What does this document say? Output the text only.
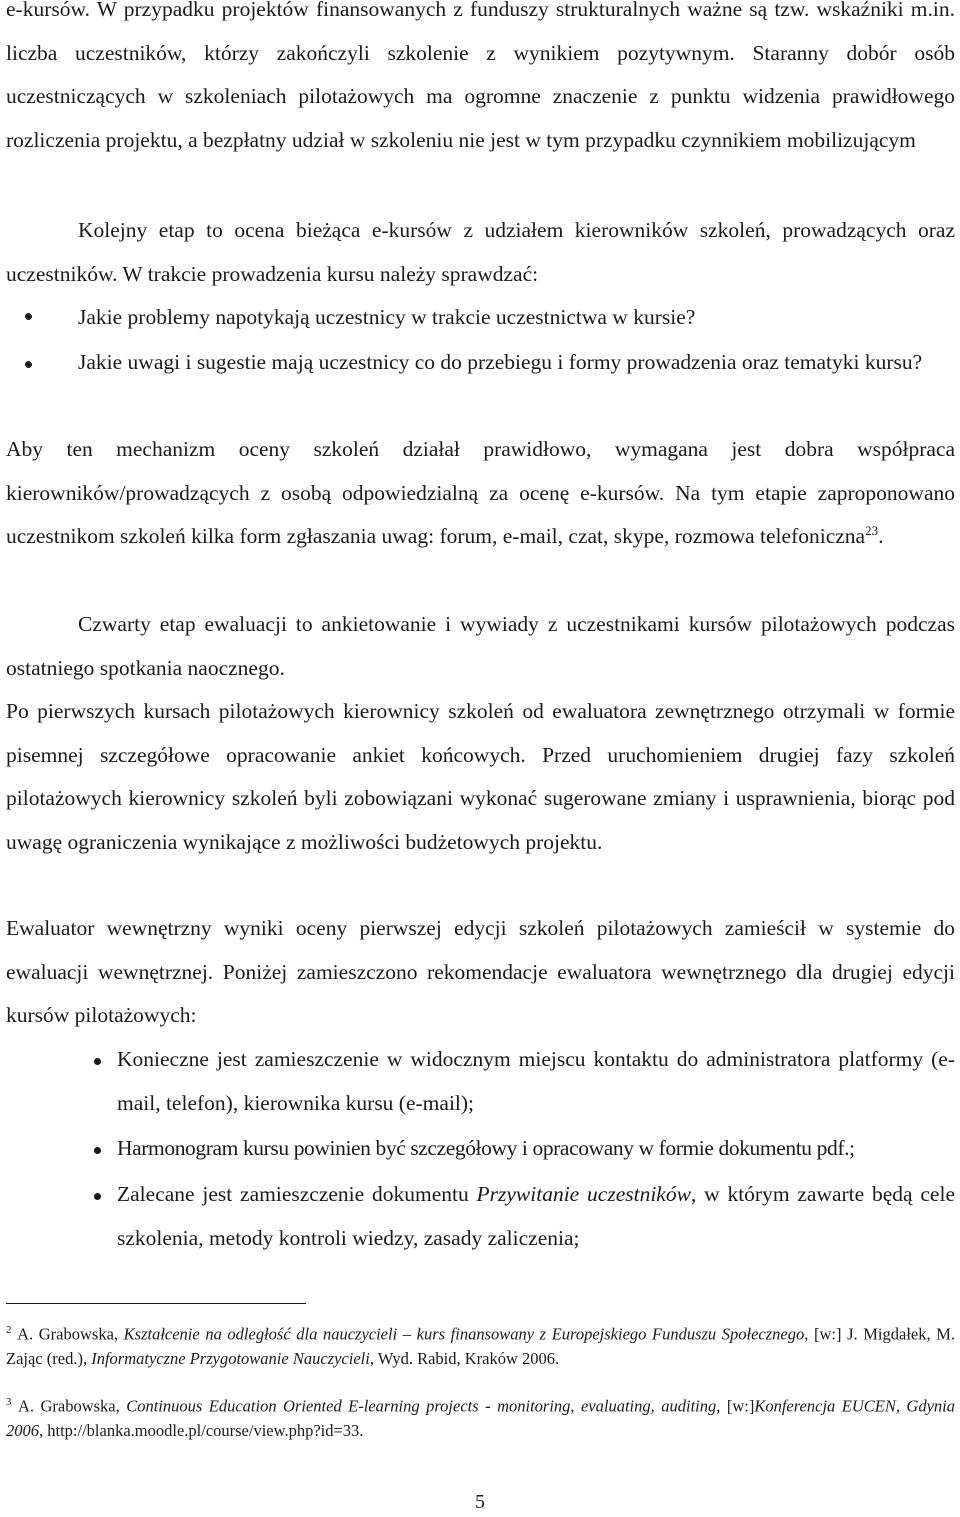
e-kursów. W przypadku projektów finansowanych z funduszy strukturalnych ważne są tzw. wskaźniki m.in. liczba uczestników, którzy zakończyli szkolenie z wynikiem pozytywnym. Staranny dobór osób uczestniczących w szkoleniach pilotażowych ma ogromne znaczenie z punktu widzenia prawidłowego rozliczenia projektu, a bezpłatny udział w szkoleniu nie jest w tym przypadku czynnikiem mobilizującym

Kolejny etap to ocena bieżąca e-kursów z udziałem kierowników szkoleń, prowadzących oraz uczestników. W trakcie prowadzenia kursu należy sprawdzać:

Jakie problemy napotykają uczestnicy w trakcie uczestnictwa w kursie?

Jakie uwagi i sugestie mają uczestnicy co do przebiegu i formy prowadzenia oraz tematyki kursu?

Aby ten mechanizm oceny szkoleń działał prawidłowo, wymagana jest dobra współpraca kierowników/prowadzących z osobą odpowiedzialną za ocenę e-kursów. Na tym etapie zaproponowano uczestnikom szkoleń kilka form zgłaszania uwag: forum, e-mail, czat, skype, rozmowa telefoniczna$^{23}$.

Czwarty etap ewaluacji to ankietowanie i wywiady z uczestnikami kursów pilotażowych podczas ostatniego spotkania naocznego.

Po pierwszych kursach pilotażowych kierownicy szkoleń od ewaluatora zewnętrznego otrzymali w formie pisemnej szczegółowe opracowanie ankiet końcowych. Przed uruchomieniem drugiej fazy szkoleń pilotażowych kierownicy szkoleń byli zobowiązani wykonać sugerowane zmiany i usprawnienia, biorąc pod uwagę ograniczenia wynikające z możliwości budżetowych projektu.

Ewaluator wewnętrzny wyniki oceny pierwszej edycji szkoleń pilotażowych zamieścił w systemie do ewaluacji wewnętrznej. Poniżej zamieszczono rekomendacje ewaluatora wewnętrznego dla drugiej edycji kursów pilotażowych:

Konieczne jest zamieszczenie w widocznym miejscu kontaktu do administratora platformy (e-mail, telefon), kierownika kursu (e-mail);

Harmonogram kursu powinien być szczegółowy i opracowany w formie dokumentu pdf.;

Zalecane jest zamieszczenie dokumentu Przywitanie uczestników, w którym zawarte będą cele szkolenia, metody kontroli wiedzy, zasady zaliczenia;

$^2$ A. Grabowska, Kształcenie na odległość dla nauczycieli – kurs finansowany z Europejskiego Funduszu Społecznego, [w:] J. Migdałek, M. Zając (red.), Informatyczne Przygotowanie Nauczycieli, Wyd. Rabid, Kraków 2006.

$^3$ A. Grabowska, Continuous Education Oriented E-learning projects - monitoring, evaluating, auditing, [w:]Konferencja EUCEN, Gdynia 2006, http://blanka.moodle.pl/course/view.php?id=33.

5
